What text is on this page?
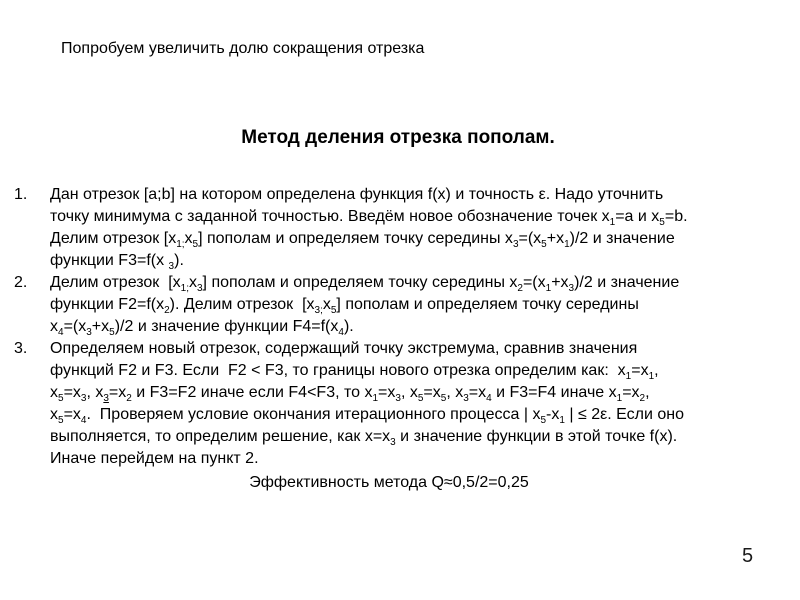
Попробуем увеличить долю сокращения отрезка
Метод деления отрезка пополам.
1.	Дан отрезок [a;b] на котором определена функция f(x) и точность ε. Надо уточнить
точку минимума с заданной точностью. Введём новое обозначение точек $x_1=a$ и $x_5=b$.
Делим отрезок $[x_{1;}x_5]$ пополам и определяем точку середины $x_3=(x_5+x_1)/2$ и значение
функции F3=f(x $_3$).
2.	Делим отрезок  $[x_{1;}x_3]$ пополам и определяем точку середины $x_2=(x_1+x_3)/2$ и значение
функции $F2=f(x_2)$. Делим отрезок  $[x_{3;}x_5]$ пополам и определяем точку середины
$x_4=(x_3+x_5)/2$ и значение функции $F4=f(x_4)$.
3.	Определяем новый отрезок, содержащий точку экстремума, сравнив значения
функций F2 и F3. Если  F2 < F3, то границы нового отрезка определим как:  $x_1=x_1$,
$x_5=x_3$, $x_3=x_2$ и F3=F2 иначе если F4<F3, то $x_1=x_3$, $x_5=x_5$, $x_3=x_4$ и F3=F4 иначе $x_1=x_2$,
$x_5=x_4$.  Проверяем условие окончания итерационного процесса | $x_5-x_1$ | ≤ 2ε. Если оно
выполняется, то определим решение, как $x=x_3$ и значение функции в этой точке f(x).
Иначе перейдем на пункт 2.
Эффективность метода Q≈0,5/2=0,25
5
